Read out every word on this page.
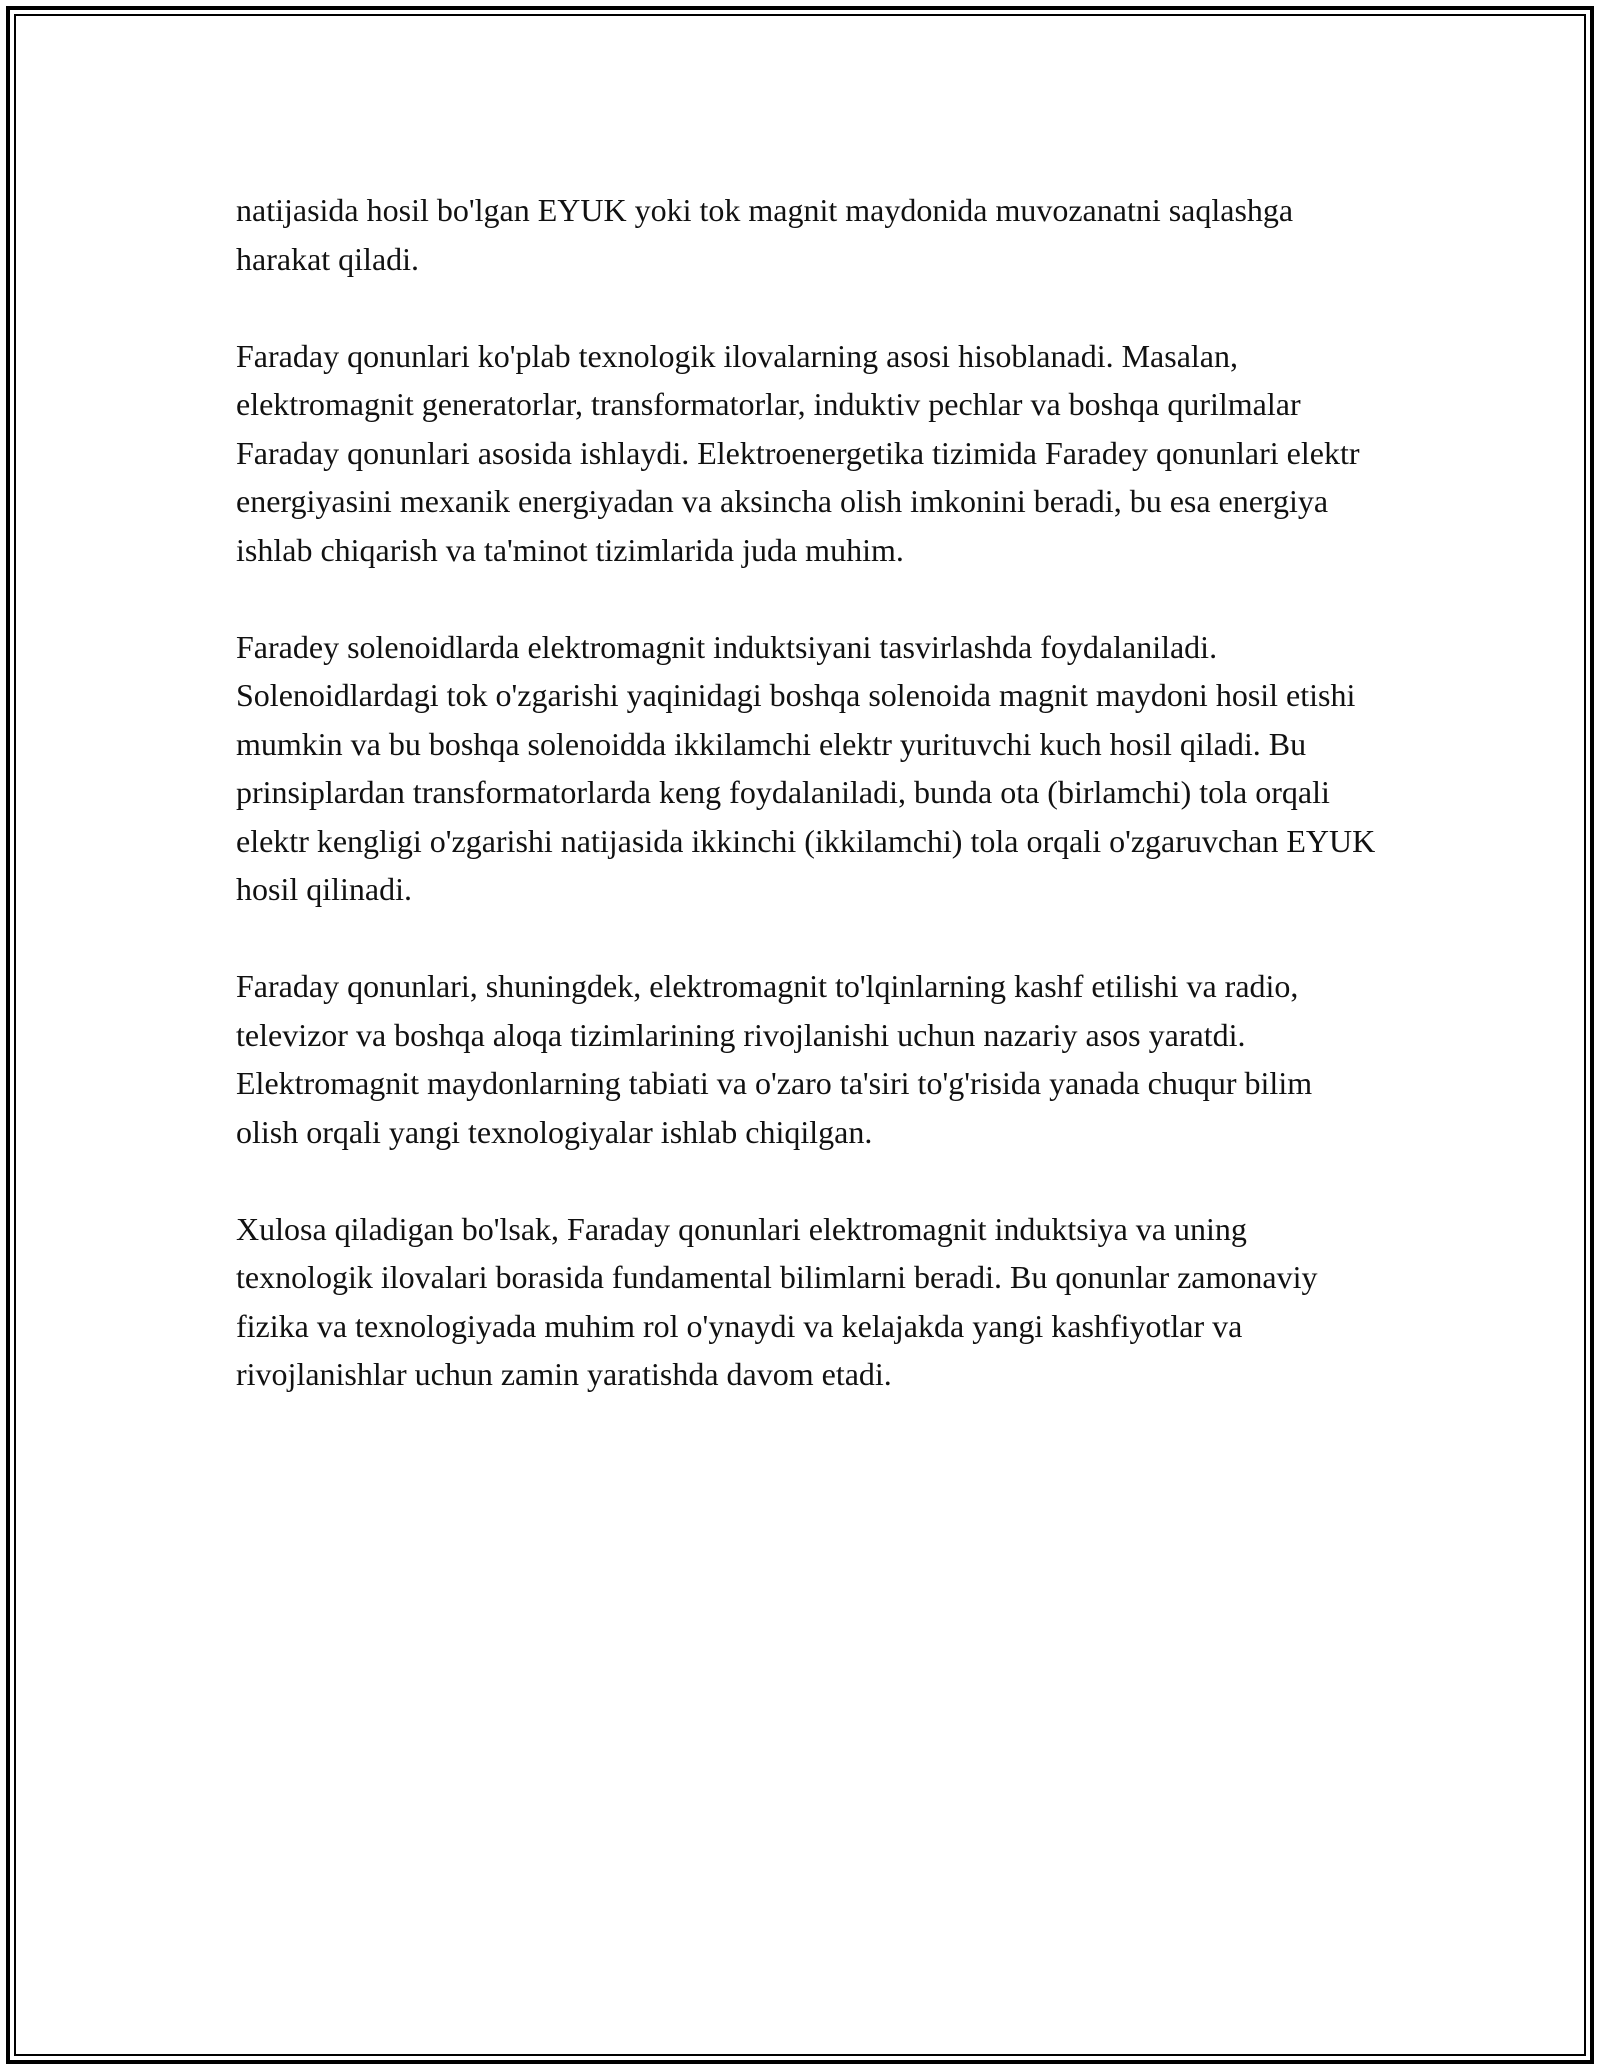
natijasida hosil bo'lgan EYUK yoki tok magnit maydonida muvozanatni saqlashga harakat qiladi.

Faraday qonunlari ko'plab texnologik ilovalarning asosi hisoblanadi. Masalan, elektromagnit generatorlar, transformatorlar, induktiv pechlar va boshqa qurilmalar Faraday qonunlari asosida ishlaydi. Elektroenergetika tizimida Faradey qonunlari elektr energiyasini mexanik energiyadan va aksincha olish imkonini beradi, bu esa energiya ishlab chiqarish va ta'minot tizimlarida juda muhim.

Faradey solenoidlarda elektromagnit induktsiyani tasvirlashda foydalaniladi. Solenoidlardagi tok o'zgarishi yaqinidagi boshqa solenoida magnit maydoni hosil etishi mumkin va bu boshqa solenoidda ikkilamchi elektr yurituvchi kuch hosil qiladi. Bu prinsiplardan transformatorlarda keng foydalaniladi, bunda ota (birlamchi) tola orqali elektr kengligi o'zgarishi natijasida ikkinchi (ikkilamchi) tola orqali o'zgaruvchan EYUK hosil qilinadi.

Faraday qonunlari, shuningdek, elektromagnit to'lqinlarning kashf etilishi va radio, televizor va boshqa aloqa tizimlarining rivojlanishi uchun nazariy asos yaratdi. Elektromagnit maydonlarning tabiati va o'zaro ta'siri to'g'risida yanada chuqur bilim olish orqali yangi texnologiyalar ishlab chiqilgan.

Xulosa qiladigan bo'lsak, Faraday qonunlari elektromagnit induktsiya va uning texnologik ilovalari borasida fundamental bilimlarni beradi. Bu qonunlar zamonaviy fizika va texnologiyada muhim rol o'ynaydi va kelajakda yangi kashfiyotlar va rivojlanishlar uchun zamin yaratishda davom etadi.
